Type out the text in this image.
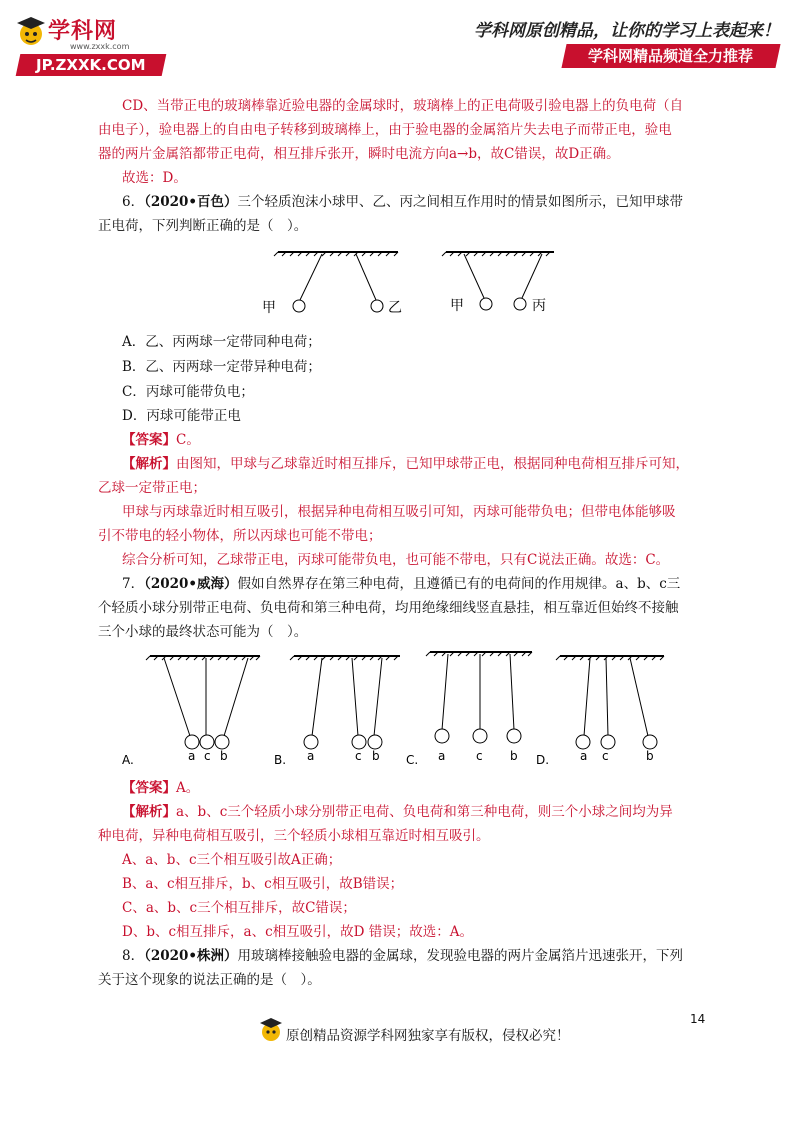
学科网
www.zxxk.com
JP.ZXXK.COM
学科网原创精品，让你的学习上表起来！
学科网精品频道全力推荐
CD、当带正电的玻璃棒靠近验电器的金属球时，玻璃棒上的正电荷吸引验电器上的负电荷（自
由电子），验电器上的自由电子转移到玻璃棒上，由于验电器的金属箔片失去电子而带正电，验电
器的两片金属箔都带正电荷，相互排斥张开，瞬时电流方向a→b，故C错误，故D正确。
故选：D。
6．（2020•百色）三个轻质泡沫小球甲、乙、丙之间相互作用时的情景如图所示，已知甲球带
正电荷，下列判断正确的是（　）。
甲	乙	甲	丙
A．乙、丙两球一定带同种电荷；
B．乙、丙两球一定带异种电荷；
C．丙球可能带负电；
D．丙球可能带正电
【答案】C。
【解析】由图知，甲球与乙球靠近时相互排斥，已知甲球带正电，根据同种电荷相互排斥可知，
乙球一定带正电；
甲球与丙球靠近时相互吸引，根据异种电荷相互吸引可知，丙球可能带负电；但带电体能够吸
引不带电的轻小物体，所以丙球也可能不带电；
综合分析可知，乙球带正电，丙球可能带负电，也可能不带电，只有C说法正确。故选：C。
7．（2020•威海）假如自然界存在第三种电荷，且遵循已有的电荷间的作用规律。a、b、c三
个轻质小球分别带正电荷、负电荷和第三种电荷，均用绝缘细线竖直悬挂，相互靠近但始终不接触
三个小球的最终状态可能为（　）。
A.	a c b	B. a	c b C. a	c b D.	a c	b
【答案】A。
【解析】a、b、c三个轻质小球分别带正电荷、负电荷和第三种电荷，则三个小球之间均为异
种电荷，异种电荷相互吸引，三个轻质小球相互靠近时相互吸引。
A、a、b、c三个相互吸引故A正确；
B、a、c相互排斥，b、c相互吸引，故B错误；
C、a、b、c三个相互排斥，故C错误；
D、b、c相互排斥，a、c相互吸引，故D 错误；故选：A。
8．（2020•株洲）用玻璃棒接触验电器的金属球，发现验电器的两片金属箔片迅速张开，下列
关于这个现象的说法正确的是（　）。
14
原创精品资源学科网独家享有版权，侵权必究！
